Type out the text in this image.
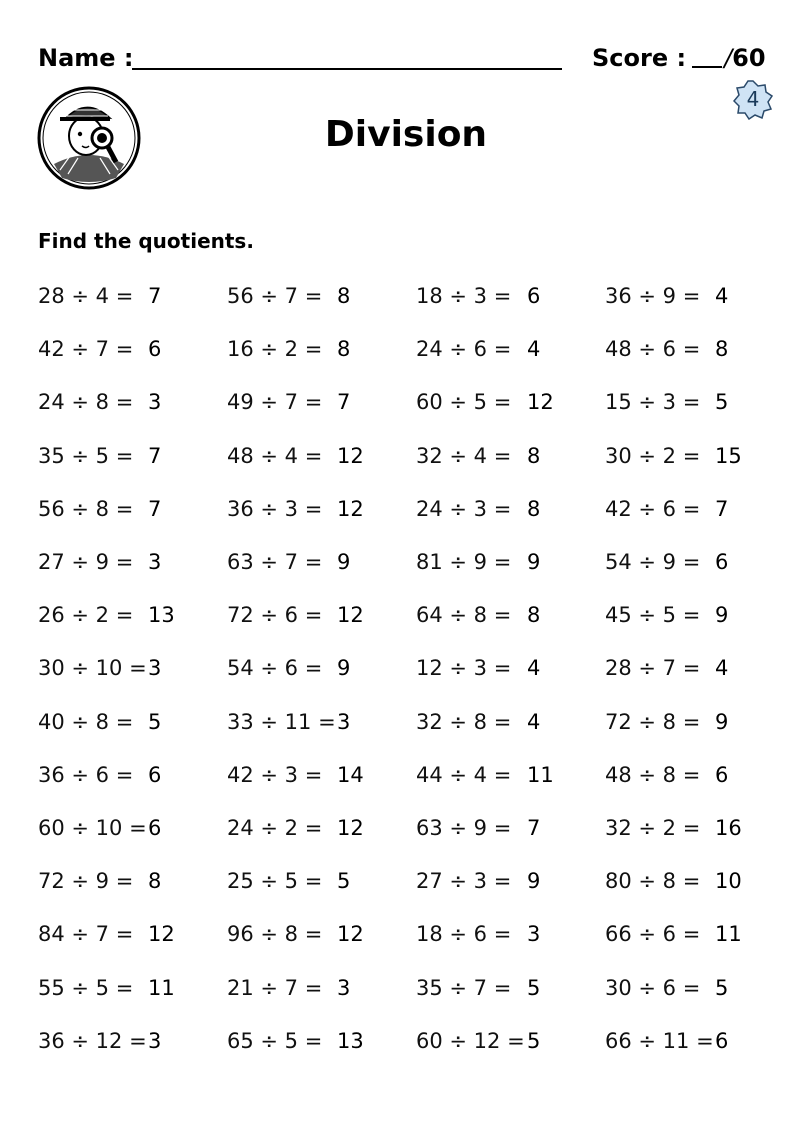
Name :	Score : /60
4
Division
Find the quotients.
28 ÷ 4 = 7
42 ÷ 7 = 6
24 ÷ 8 = 3
35 ÷ 5 = 7
56 ÷ 8 = 7
27 ÷ 9 = 3
26 ÷ 2 = 13
30 ÷ 10 = 3
40 ÷ 8 = 5
36 ÷ 6 = 6
60 ÷ 10 = 6
72 ÷ 9 = 8
84 ÷ 7 = 12
55 ÷ 5 = 11
36 ÷ 12 = 3
56 ÷ 7 = 8
16 ÷ 2 = 8
49 ÷ 7 = 7
48 ÷ 4 = 12
36 ÷ 3 = 12
63 ÷ 7 = 9
72 ÷ 6 = 12
54 ÷ 6 = 9
33 ÷ 11 = 3
42 ÷ 3 = 14
24 ÷ 2 = 12
25 ÷ 5 = 5
96 ÷ 8 = 12
21 ÷ 7 = 3
65 ÷ 5 = 13
18 ÷ 3 = 6
24 ÷ 6 = 4
60 ÷ 5 = 12
32 ÷ 4 = 8
24 ÷ 3 = 8
81 ÷ 9 = 9
64 ÷ 8 = 8
12 ÷ 3 = 4
32 ÷ 8 = 4
44 ÷ 4 = 11
63 ÷ 9 = 7
27 ÷ 3 = 9
18 ÷ 6 = 3
35 ÷ 7 = 5
60 ÷ 12 = 5
36 ÷ 9 = 4
48 ÷ 6 = 8
15 ÷ 3 = 5
30 ÷ 2 = 15
42 ÷ 6 = 7
54 ÷ 9 = 6
45 ÷ 5 = 9
28 ÷ 7 = 4
72 ÷ 8 = 9
48 ÷ 8 = 6
32 ÷ 2 = 16
80 ÷ 8 = 10
66 ÷ 6 = 11
30 ÷ 6 = 5
66 ÷ 11 = 6
